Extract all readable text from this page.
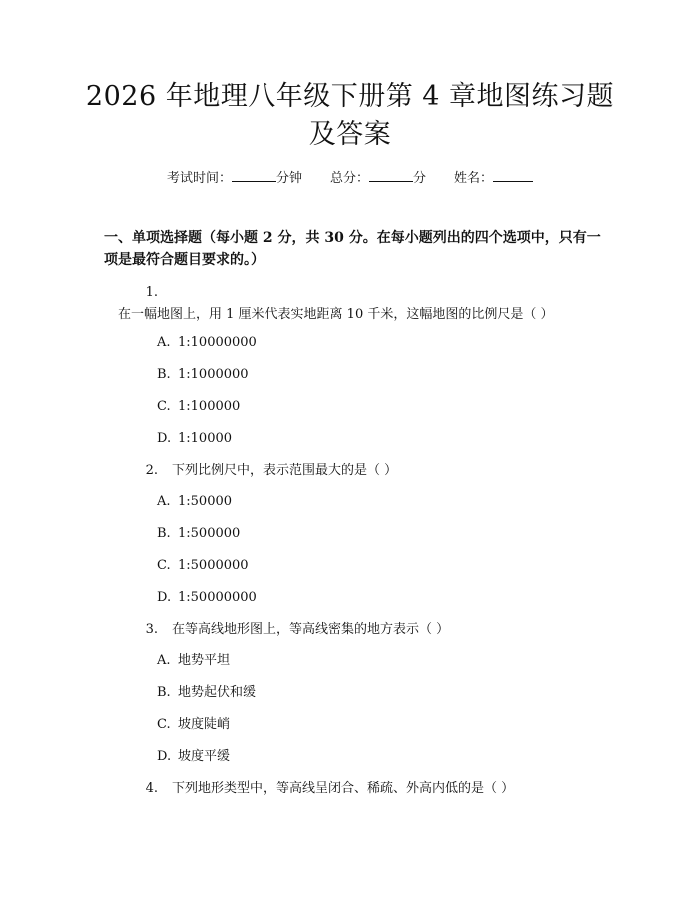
2026 年地理八年级下册第 4 章地图练习题及答案
考试时间：	分钟 总分：	分 姓名：

一、单项选择题（每小题 2 分，共 30 分。在每小题列出的四个选项中，只有一项是最符合题目要求的。）

1.在一幅地图上，用 1 厘米代表实地距离 10 千米，这幅地图的比例尺是（ ）
A. 1:10000000
B. 1:1000000
C. 1:100000
D. 1:10000
2. 下列比例尺中，表示范围最大的是（ ）
A. 1:50000
B. 1:500000
C. 1:5000000
D. 1:50000000
3. 在等高线地形图上，等高线密集的地方表示（ ）
A. 地势平坦
B. 地势起伏和缓
C. 坡度陡峭
D. 坡度平缓
4. 下列地形类型中，等高线呈闭合、稀疏、外高内低的是（ ）
